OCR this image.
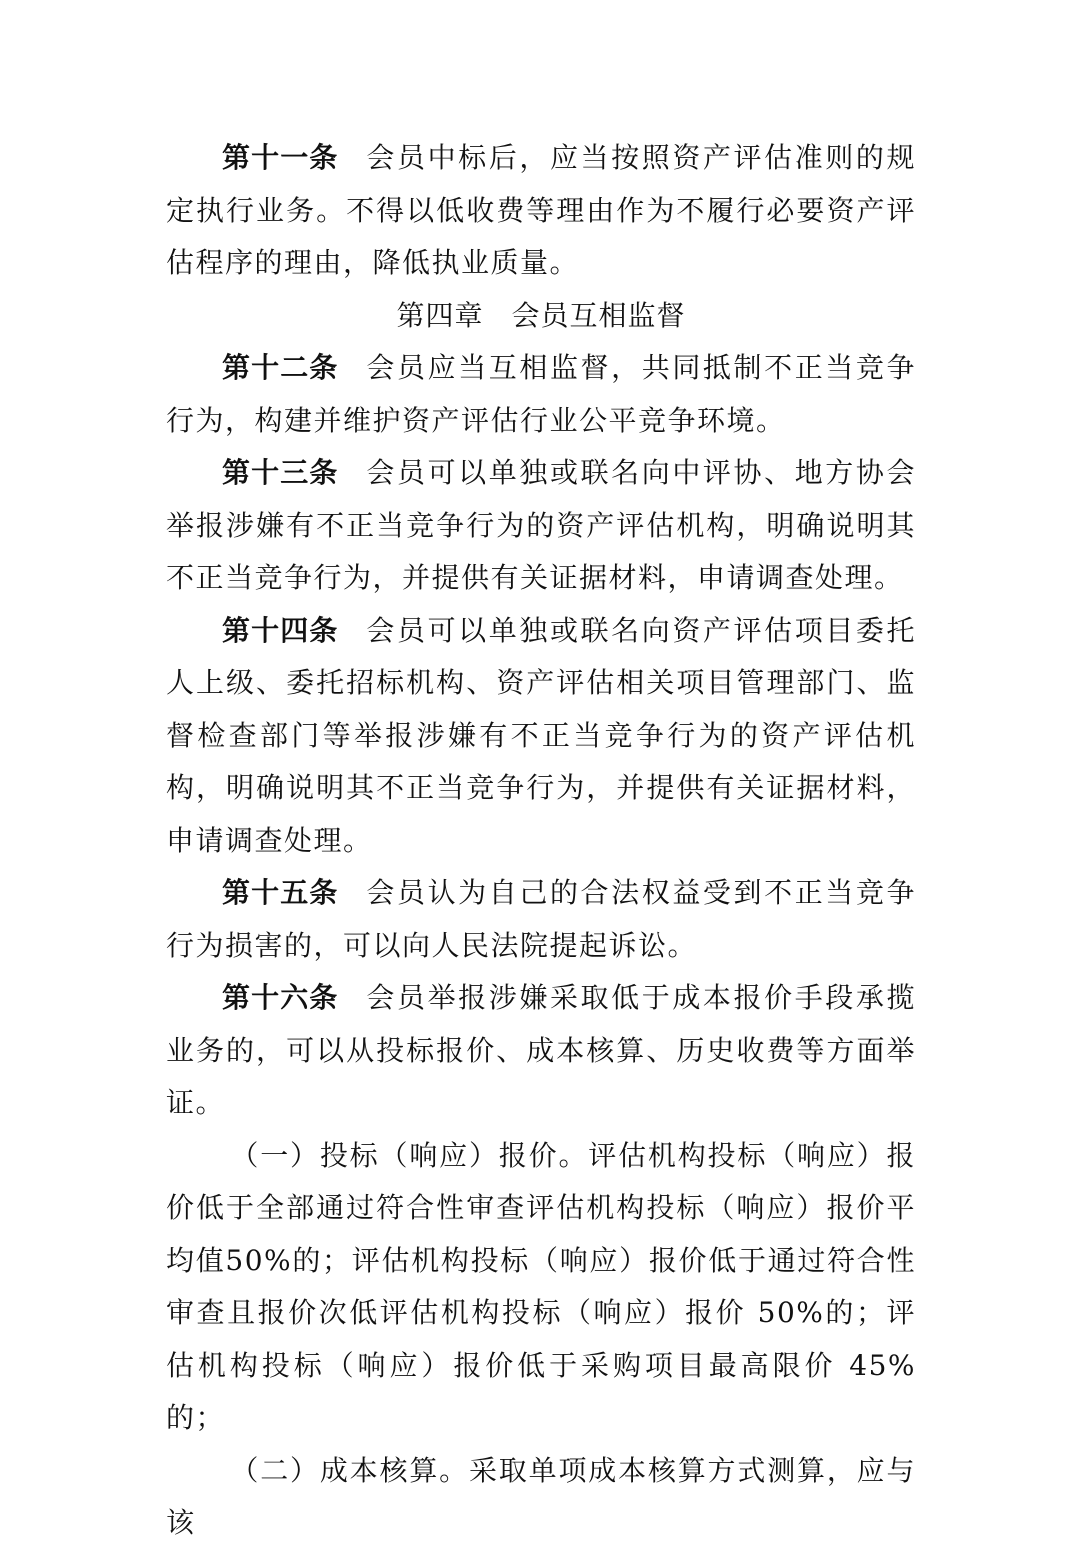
第十一条 会员中标后，应当按照资产评估准则的规定执行业务。不得以低收费等理由作为不履行必要资产评估程序的理由，降低执业质量。

第四章 会员互相监督

第十二条 会员应当互相监督，共同抵制不正当竞争行为，构建并维护资产评估行业公平竞争环境。

第十三条 会员可以单独或联名向中评协、地方协会举报涉嫌有不正当竞争行为的资产评估机构，明确说明其不正当竞争行为，并提供有关证据材料，申请调查处理。

第十四条 会员可以单独或联名向资产评估项目委托人上级、委托招标机构、资产评估相关项目管理部门、监督检查部门等举报涉嫌有不正当竞争行为的资产评估机构，明确说明其不正当竞争行为，并提供有关证据材料，申请调查处理。

第十五条 会员认为自己的合法权益受到不正当竞争行为损害的，可以向人民法院提起诉讼。

第十六条 会员举报涉嫌采取低于成本报价手段承揽业务的，可以从投标报价、成本核算、历史收费等方面举证。

（一）投标（响应）报价。评估机构投标（响应）报价低于全部通过符合性审查评估机构投标（响应）报价平均值50%的；评估机构投标（响应）报价低于通过符合性审查且报价次低评估机构投标（响应）报价 50%的；评估机构投标（响应）报价低于采购项目最高限价 45%的；

（二）成本核算。采取单项成本核算方式测算，应与该
